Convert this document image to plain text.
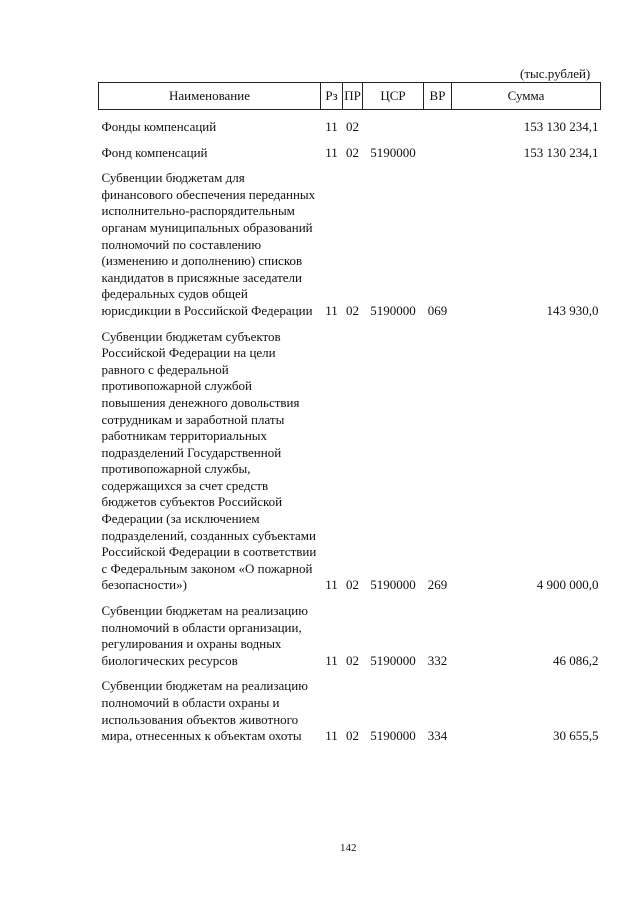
(тыс.рублей)
Наименование	Рз	ПР	ЦСР	ВР	Сумма

Фонды компенсаций	11	02			153 130 234,1

Фонд компенсаций	11	02	5190000		153 130 234,1

Субвенции бюджетам для финансового обеспечения переданных исполнительно-распорядительным органам муниципальных образований полномочий по составлению (изменению и дополнению) списков кандидатов в присяжные заседатели федеральных судов общей юрисдикции в Российской Федерации	11	02	5190000	069	143 930,0

Субвенции бюджетам субъектов Российской Федерации на цели равного с федеральной противопожарной службой повышения денежного довольствия сотрудникам и заработной платы работникам территориальных подразделений Государственной противопожарной службы, содержащихся за счет средств бюджетов субъектов Российской Федерации (за исключением подразделений, созданных субъектами Российской Федерации в соответствии с Федеральным законом «О пожарной безопасности»)	11	02	5190000	269	4 900 000,0

Субвенции бюджетам на реализацию полномочий в области организации, регулирования и охраны водных биологических ресурсов	11	02	5190000	332	46 086,2

Субвенции бюджетам на реализацию полномочий в области охраны и использования объектов животного мира, отнесенных к объектам охоты	11	02	5190000	334	30 655,5
142
